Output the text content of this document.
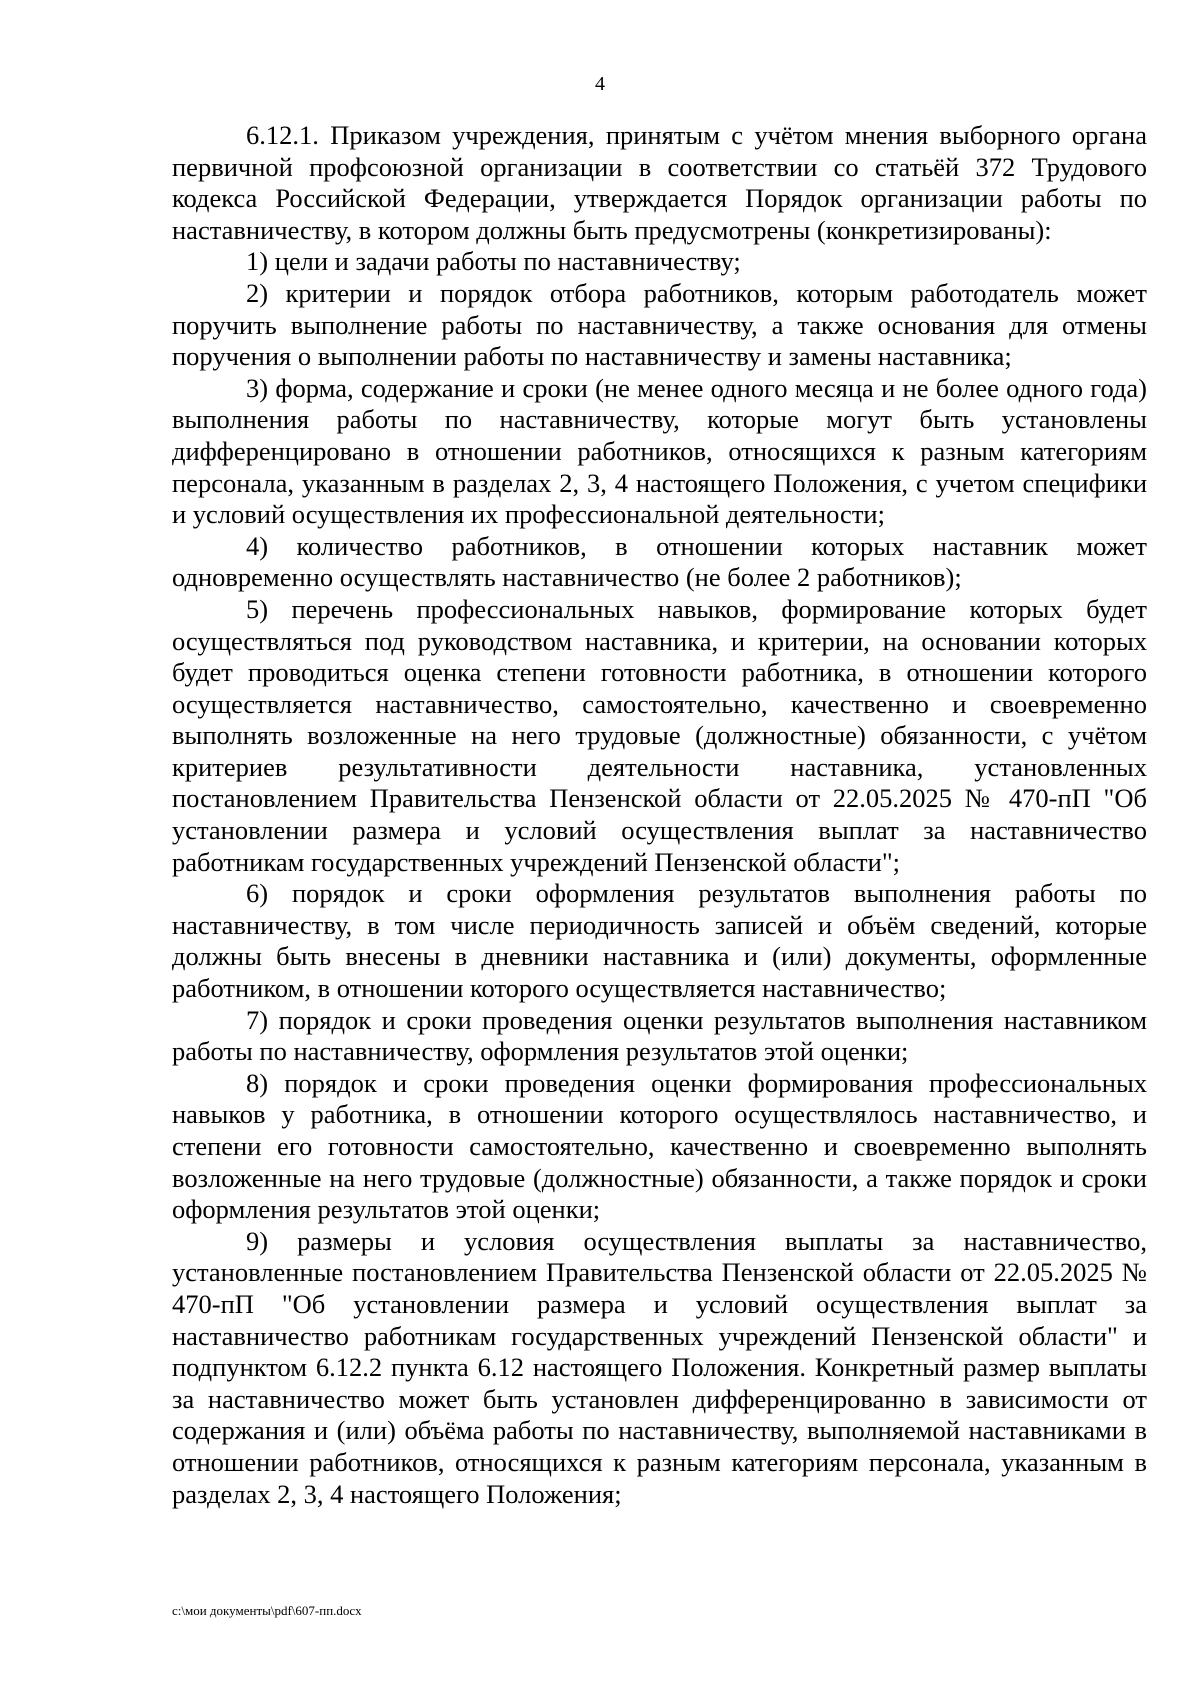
4

6.12.1. Приказом учреждения, принятым с учётом мнения выборного органа первичной профсоюзной организации в соответствии со статьёй 372 Трудового кодекса Российской Федерации, утверждается Порядок организации работы по наставничеству, в котором должны быть предусмотрены (конкретизированы):

1) цели и задачи работы по наставничеству;

2) критерии и порядок отбора работников, которым работодатель может поручить выполнение работы по наставничеству, а также основания для отмены поручения о выполнении работы по наставничеству и замены наставника;

3) форма, содержание и сроки (не менее одного месяца и не более одного года) выполнения работы по наставничеству, которые могут быть установлены дифференцировано в отношении работников, относящихся к разным категориям персонала, указанным в разделах 2, 3, 4 настоящего Положения, с учетом специфики и условий осуществления их профессиональной деятельности;

4) количество работников, в отношении которых наставник может одновременно осуществлять наставничество (не более 2 работников);

5) перечень профессиональных навыков, формирование которых будет осуществляться под руководством наставника, и критерии, на основании которых будет проводиться оценка степени готовности работника, в отношении которого осуществляется наставничество, самостоятельно, качественно и своевременно выполнять возложенные на него трудовые (должностные) обязанности, с учётом критериев результативности деятельности наставника, установленных постановлением Правительства Пензенской области от 22.05.2025 № 470-пП "Об установлении размера и условий осуществления выплат за наставничество работникам государственных учреждений Пензенской области";

6) порядок и сроки оформления результатов выполнения работы по наставничеству, в том числе периодичность записей и объём сведений, которые должны быть внесены в дневники наставника и (или) документы, оформленные работником, в отношении которого осуществляется наставничество;

7) порядок и сроки проведения оценки результатов выполнения наставником работы по наставничеству, оформления результатов этой оценки;

8) порядок и сроки проведения оценки формирования профессиональных навыков у работника, в отношении которого осуществлялось наставничество, и степени его готовности самостоятельно, качественно и своевременно выполнять возложенные на него трудовые (должностные) обязанности, а также порядок и сроки оформления результатов этой оценки;

9) размеры и условия осуществления выплаты за наставничество, установленные постановлением Правительства Пензенской области от 22.05.2025 № 470-пП "Об установлении размера и условий осуществления выплат за наставничество работникам государственных учреждений Пензенской области" и подпунктом 6.12.2 пункта 6.12 настоящего Положения. Конкретный размер выплаты за наставничество может быть установлен дифференцированно в зависимости от содержания и (или) объёма работы по наставничеству, выполняемой наставниками в отношении работников, относящихся к разным категориям персонала, указанным в разделах 2, 3, 4 настоящего Положения;

c:\мои документы\pdf\607-пп.docx
